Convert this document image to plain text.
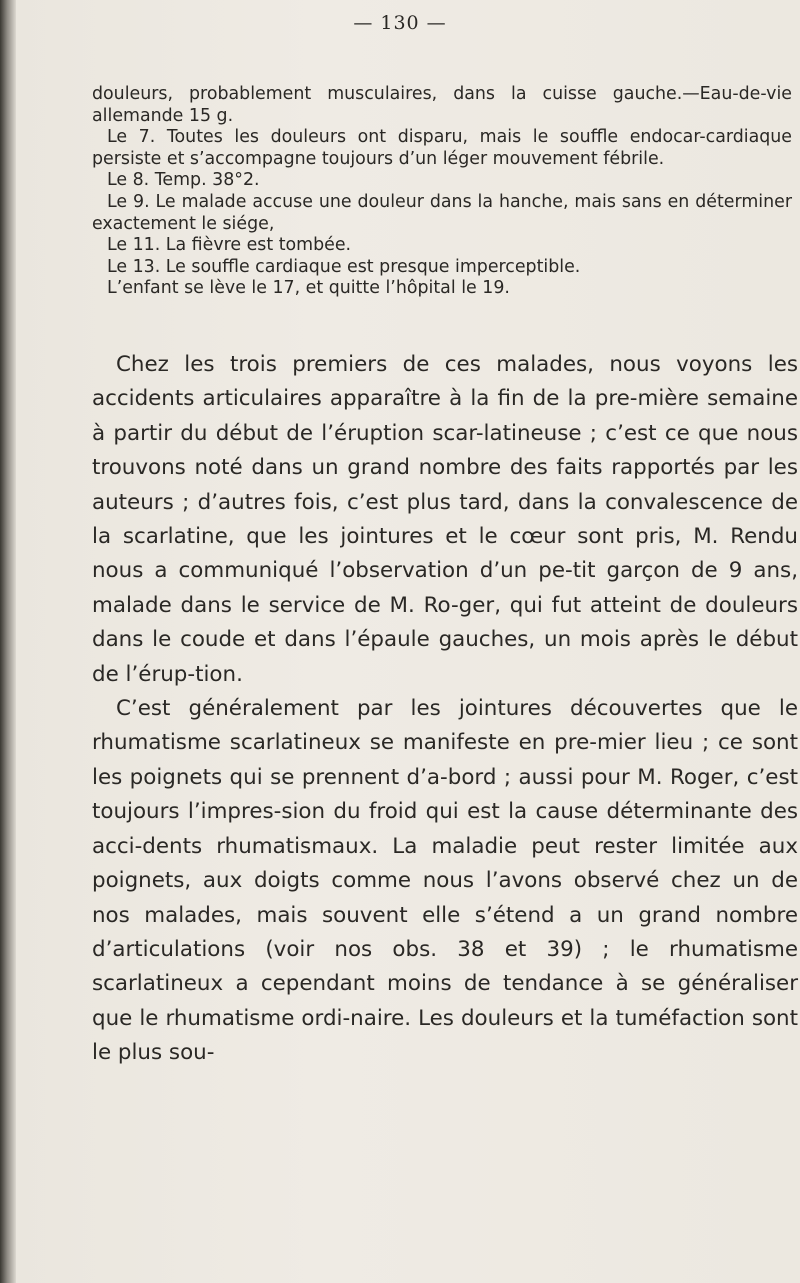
— 130 —

douleurs, probablement musculaires, dans la cuisse gauche.—Eau-de-vie allemande 15 g.

Le 7. Toutes les douleurs ont disparu, mais le souffle endocar-cardiaque persiste et s’accompagne toujours d’un léger mouvement fébrile.

Le 8. Temp. 38°2.

Le 9. Le malade accuse une douleur dans la hanche, mais sans en déterminer exactement le siége,

Le 11. La fièvre est tombée.

Le 13. Le souffle cardiaque est presque imperceptible.

L’enfant se lève le 17, et quitte l’hôpital le 19.

Chez les trois premiers de ces malades, nous voyons les accidents articulaires apparaître à la fin de la pre-mière semaine à partir du début de l’éruption scar-latineuse ; c’est ce que nous trouvons noté dans un grand nombre des faits rapportés par les auteurs ; d’autres fois, c’est plus tard, dans la convalescence de la scarlatine, que les jointures et le cœur sont pris, M. Rendu nous a communiqué l’observation d’un pe-tit garçon de 9 ans, malade dans le service de M. Ro-ger, qui fut atteint de douleurs dans le coude et dans l’épaule gauches, un mois après le début de l’érup-tion.

C’est généralement par les jointures découvertes que le rhumatisme scarlatineux se manifeste en pre-mier lieu ; ce sont les poignets qui se prennent d’a-bord ; aussi pour M. Roger, c’est toujours l’impres-sion du froid qui est la cause déterminante des acci-dents rhumatismaux. La maladie peut rester limitée aux poignets, aux doigts comme nous l’avons observé chez un de nos malades, mais souvent elle s’étend a un grand nombre d’articulations (voir nos obs. 38 et 39) ; le rhumatisme scarlatineux a cependant moins de tendance à se généraliser que le rhumatisme ordi-naire. Les douleurs et la tuméfaction sont le plus sou-
